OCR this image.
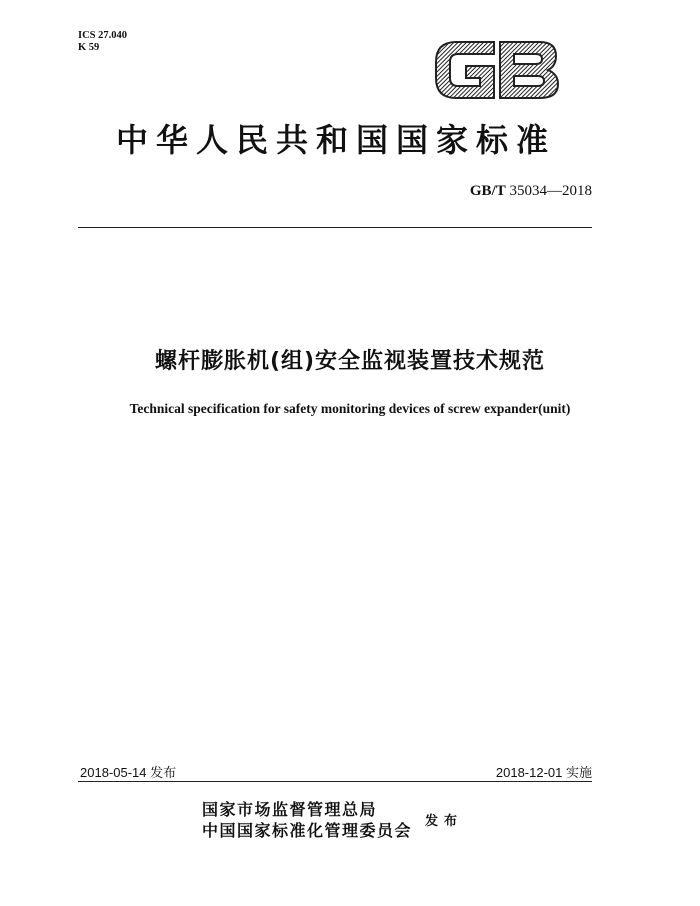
ICS 27.040
K 59
中华人民共和国国家标准

GB/T 35034—2018

螺杆膨胀机(组)安全监视装置技术规范

Technical specification for safety monitoring devices of screw expander(unit)

2018-05-14 发布	2018-12-01 实施

国家市场监督管理总局
中国国家标准化管理委员会 发布
